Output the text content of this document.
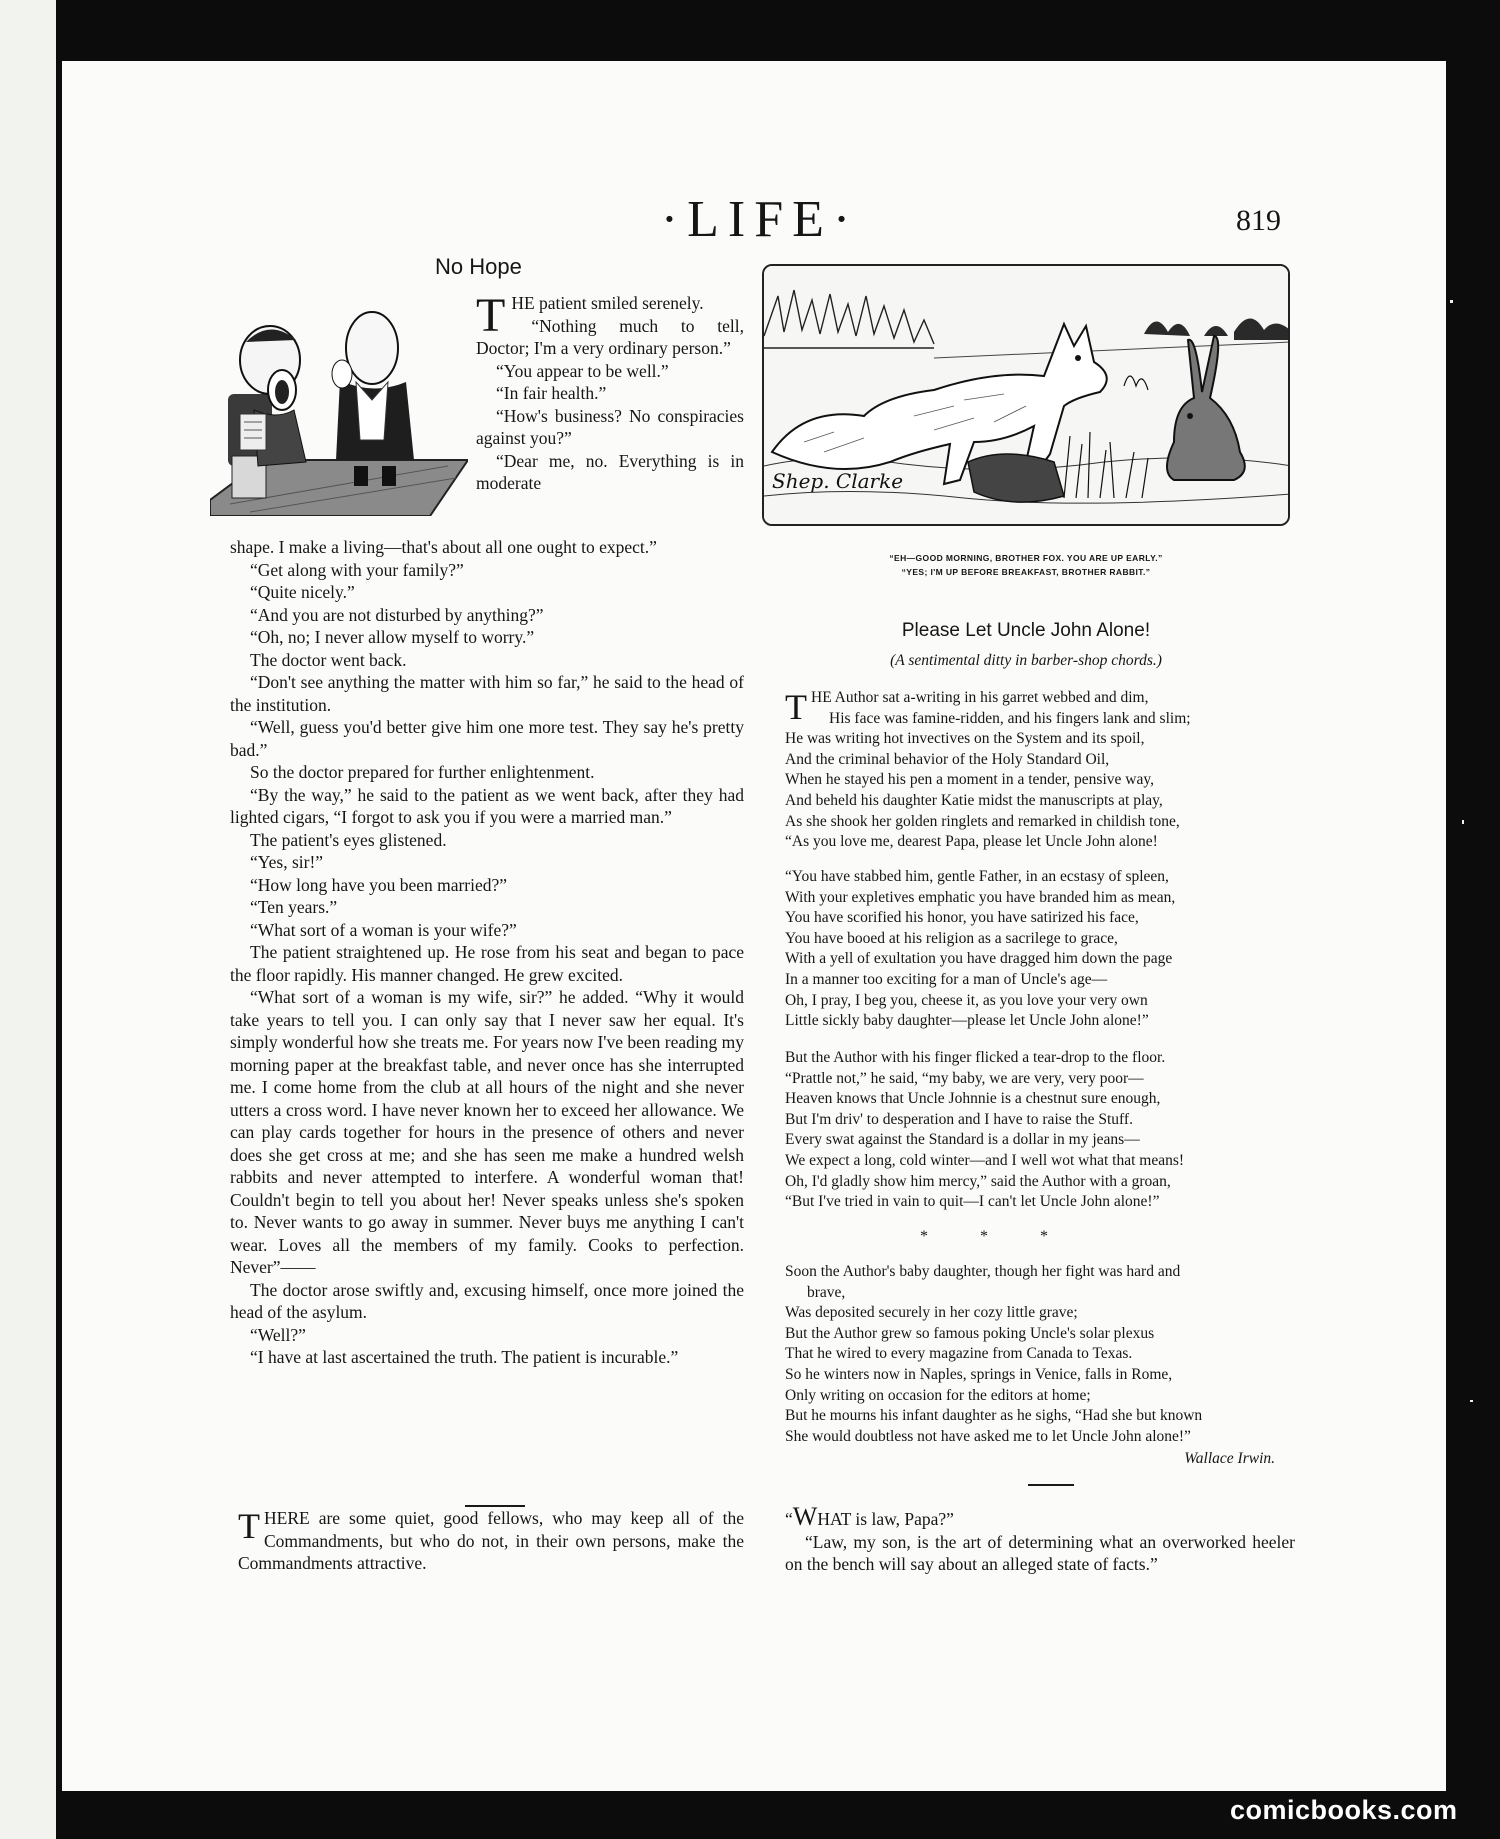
·LIFE·	819
No Hope
T HE patient smiled serenely.

“Nothing much to tell, Doctor; I'm a very ordinary person.”

“You appear to be well.”

“In fair health.”

“How's business? No conspiracies against you?”

“Dear me, no. Everything is in moderate

shape. I make a living—that's about all one ought to expect.”

“Get along with your family?”

“Quite nicely.”

“And you are not disturbed by anything?”

“Oh, no; I never allow myself to worry.”

The doctor went back.

“Don't see anything the matter with him so far,” he said to the head of the institution.

“Well, guess you'd better give him one more test. They say he's pretty bad.”

So the doctor prepared for further enlightenment.

“By the way,” he said to the patient as we went back, after they had lighted cigars, “I forgot to ask you if you were a married man.”

The patient's eyes glistened.

“Yes, sir!”

“How long have you been married?”

“Ten years.”

“What sort of a woman is your wife?”

The patient straightened up. He rose from his seat and began to pace the floor rapidly. His manner changed. He grew excited.

“What sort of a woman is my wife, sir?” he added. “Why it would take years to tell you. I can only say that I never saw her equal. It's simply wonderful how she treats me. For years now I've been reading my morning paper at the breakfast table, and never once has she interrupted me. I come home from the club at all hours of the night and she never utters a cross word. I have never known her to exceed her allowance. We can play cards together for hours in the presence of others and never does she get cross at me; and she has seen me make a hundred welsh rabbits and never attempted to interfere. A wonderful woman that! Couldn't begin to tell you about her! Never speaks unless she's spoken to. Never wants to go away in summer. Never buys me anything I can't wear. Loves all the members of my family. Cooks to perfection. Never”——

The doctor arose swiftly and, excusing himself, once more joined the head of the asylum.

“Well?”

“I have at last ascertained the truth. The patient is incurable.”

T HERE are some quiet, good fellows, who may keep all of the Commandments, but who do not, in their own persons, make the Commandments attractive.

Shep. Clarke
“EH—GOOD MORNING, BROTHER FOX. YOU ARE UP EARLY.”
“YES; I'M UP BEFORE BREAKFAST, BROTHER RABBIT.”
Please Let Uncle John Alone!
(A sentimental ditty in barber-shop chords.)
T HE Author sat a-writing in his garret webbed and dim,
His face was famine-ridden, and his fingers lank and slim;
He was writing hot invectives on the System and its spoil,
And the criminal behavior of the Holy Standard Oil,
When he stayed his pen a moment in a tender, pensive way,
And beheld his daughter Katie midst the manuscripts at play,
As she shook her golden ringlets and remarked in childish tone,
“As you love me, dearest Papa, please let Uncle John alone!
“You have stabbed him, gentle Father, in an ecstasy of spleen,
With your expletives emphatic you have branded him as mean,
You have scorified his honor, you have satirized his face,
You have booed at his religion as a sacrilege to grace,
With a yell of exultation you have dragged him down the page
In a manner too exciting for a man of Uncle's age—
Oh, I pray, I beg you, cheese it, as you love your very own
Little sickly baby daughter—please let Uncle John alone!”
But the Author with his finger flicked a tear-drop to the floor.
“Prattle not,” he said, “my baby, we are very, very poor—
Heaven knows that Uncle Johnnie is a chestnut sure enough,
But I'm driv' to desperation and I have to raise the Stuff.
Every swat against the Standard is a dollar in my jeans—
We expect a long, cold winter—and I well wot what that means!
Oh, I'd gladly show him mercy,” said the Author with a groan,
“But I've tried in vain to quit—I can't let Uncle John alone!”
* * *
Soon the Author's baby daughter, though her fight was hard and
brave,
Was deposited securely in her cozy little grave;
But the Author grew so famous poking Uncle's solar plexus
That he wired to every magazine from Canada to Texas.
So he winters now in Naples, springs in Venice, falls in Rome,
Only writing on occasion for the editors at home;
But he mourns his infant daughter as he sighs, “Had she but known
She would doubtless not have asked me to let Uncle John alone!”
Wallace Irwin.

“WHAT is law, Papa?”

“Law, my son, is the art of determining what an overworked heeler on the bench will say about an alleged state of facts.”

comicbooks.com
